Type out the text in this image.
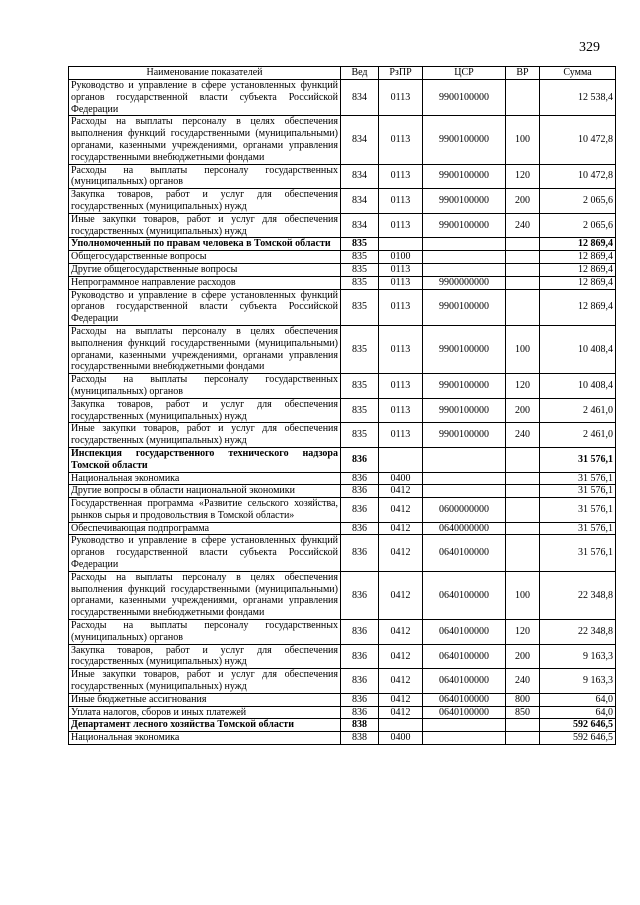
329
Наименование показателей	Вед	РзПР	ЦСР	ВР	Сумма
Руководство и управление в сфере установленных функций органов государственной власти субъекта Российской Федерации	834	0113	9900100000		12 538,4
Расходы на выплаты персоналу в целях обеспечения выполнения функций государственными (муниципальными) органами, казенными учреждениями, органами управления государственными внебюджетными фондами	834	0113	9900100000	100	10 472,8
Расходы на выплаты персоналу государственных (муниципальных) органов	834	0113	9900100000	120	10 472,8
Закупка товаров, работ и услуг для обеспечения государственных (муниципальных) нужд	834	0113	9900100000	200	2 065,6
Иные закупки товаров, работ и услуг для обеспечения государственных (муниципальных) нужд	834	0113	9900100000	240	2 065,6
Уполномоченный по правам человека в Томской области	835				12 869,4
Общегосударственные вопросы	835	0100			12 869,4
Другие общегосударственные вопросы	835	0113			12 869,4
Непрограммное направление расходов	835	0113	9900000000		12 869,4
Руководство и управление в сфере установленных функций органов государственной власти субъекта Российской Федерации	835	0113	9900100000		12 869,4
Расходы на выплаты персоналу в целях обеспечения выполнения функций государственными (муниципальными) органами, казенными учреждениями, органами управления государственными внебюджетными фондами	835	0113	9900100000	100	10 408,4
Расходы на выплаты персоналу государственных (муниципальных) органов	835	0113	9900100000	120	10 408,4
Закупка товаров, работ и услуг для обеспечения государственных (муниципальных) нужд	835	0113	9900100000	200	2 461,0
Иные закупки товаров, работ и услуг для обеспечения государственных (муниципальных) нужд	835	0113	9900100000	240	2 461,0
Инспекция государственного технического надзора Томской области	836				31 576,1
Национальная экономика	836	0400			31 576,1
Другие вопросы в области национальной экономики	836	0412			31 576,1
Государственная программа «Развитие сельского хозяйства, рынков сырья и продовольствия в Томской области»	836	0412	0600000000		31 576,1
Обеспечивающая подпрограмма	836	0412	0640000000		31 576,1
Руководство и управление в сфере установленных функций органов государственной власти субъекта Российской Федерации	836	0412	0640100000		31 576,1
Расходы на выплаты персоналу в целях обеспечения выполнения функций государственными (муниципальными) органами, казенными учреждениями, органами управления государственными внебюджетными фондами	836	0412	0640100000	100	22 348,8
Расходы на выплаты персоналу государственных (муниципальных) органов	836	0412	0640100000	120	22 348,8
Закупка товаров, работ и услуг для обеспечения государственных (муниципальных) нужд	836	0412	0640100000	200	9 163,3
Иные закупки товаров, работ и услуг для обеспечения государственных (муниципальных) нужд	836	0412	0640100000	240	9 163,3
Иные бюджетные ассигнования	836	0412	0640100000	800	64,0
Уплата налогов, сборов и иных платежей	836	0412	0640100000	850	64,0
Департамент лесного хозяйства Томской области	838				592 646,5
Национальная экономика	838	0400			592 646,5
